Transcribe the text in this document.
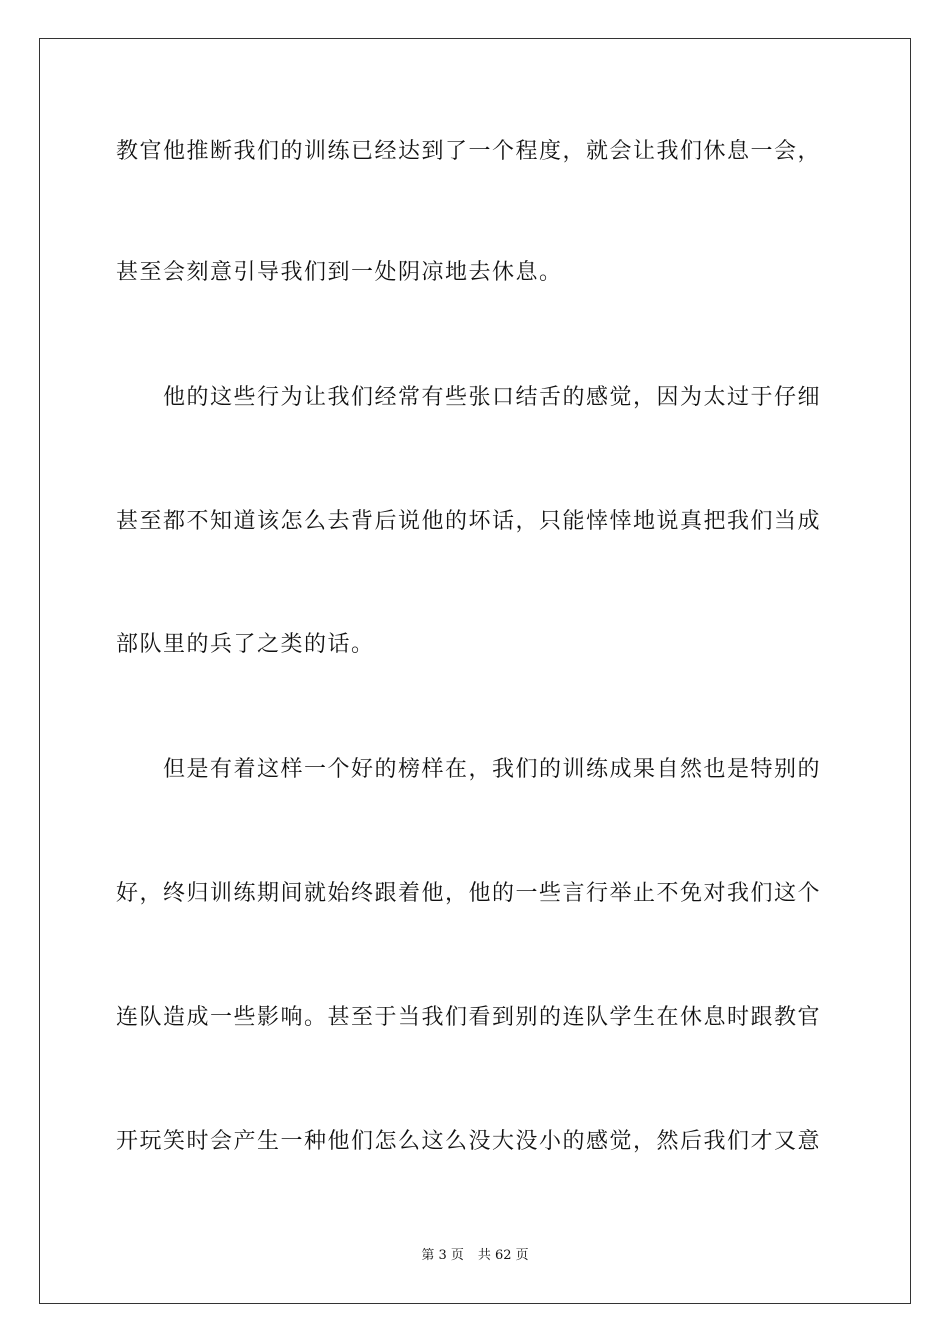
教官他推断我们的训练已经达到了一个程度，就会让我们休息一会，
甚至会刻意引导我们到一处阴凉地去休息。
他的这些行为让我们经常有些张口结舌的感觉，因为太过于仔细
甚至都不知道该怎么去背后说他的坏话，只能悻悻地说真把我们当成
部队里的兵了之类的话。
但是有着这样一个好的榜样在，我们的训练成果自然也是特别的
好，终归训练期间就始终跟着他，他的一些言行举止不免对我们这个
连队造成一些影响。甚至于当我们看到别的连队学生在休息时跟教官
开玩笑时会产生一种他们怎么这么没大没小的感觉，然后我们才又意
第 3 页 共 62 页
